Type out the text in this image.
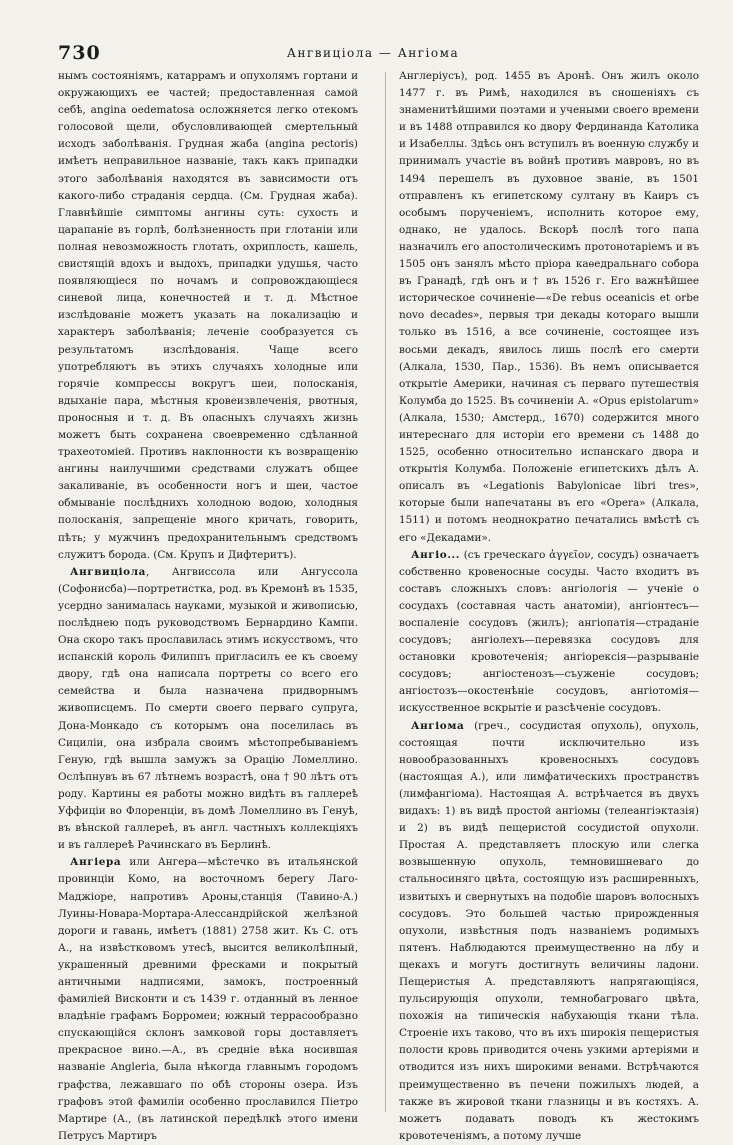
730	Ангвиціола — Ангіома

нымъ состояніямъ, катаррамъ и опухолямъ гортани и окружающихъ ее частей; предоставленная самой себѣ, angina oedematosa осложняется легко отекомъ голосовой щели, обусловливающей смертельный исходъ заболѣванія. Грудная жаба (angina pectoris) имѣетъ неправильное названіе, такъ какъ припадки этого заболѣванія находятся въ зависимости отъ какого-либо страданія сердца. (См. Грудная жаба). Главнѣйшіе симптомы ангины суть: сухость и царапаніе въ горлѣ, болѣзненность при глотаніи или полная невозможность глотать, охриплость, кашель, свистящій вдохъ и выдохъ, припадки удушья, часто появляющіеся по ночамъ и сопровождающіеся синевой лица, конечностей и т. д. Мѣстное изслѣдованіе можетъ указать на локализацію и характеръ заболѣванія; леченіе сообразуется съ результатомъ изслѣдованія. Чаще всего употребляютъ въ этихъ случаяхъ холодные или горячіе компрессы вокругъ шеи, полосканія, вдыханіе пара, мѣстныя кровеизвлеченія, рвотныя, проносныя и т. д. Въ опасныхъ случаяхъ жизнь можетъ быть сохранена своевременно сдѣланной трахеотоміей. Противъ наклонности къ возвращенію ангины наилучшими средствами служатъ общее закаливаніе, въ особенности ногъ и шеи, частое обмываніе послѣднихъ холодною водою, холодныя полосканія, запрещеніе много кричать, говорить, пѣть; у мужчинъ предохранительнымъ средствомъ служитъ борода. (См. Крупъ и Дифтеритъ).

Ангвиціола, Ангвиссола или Ангуссола (Софонисба)—портретистка, род. въ Кремонѣ въ 1535, усердно занималась науками, музыкой и живописью, послѣднею подъ руководствомъ Бернардино Кампи. Она скоро такъ прославилась этимъ искусствомъ, что испанскій король Филиппъ пригласилъ ее къ своему двору, гдѣ она написала портреты со всего его семейства и была назначена придворнымъ живописцемъ. По смерти своего перваго супруга, Дона-Монкадо съ которымъ она поселилась въ Сициліи, она избрала своимъ мѣстопребываніемъ Геную, гдѣ вышла замужъ за Орацію Ломеллино. Ослѣпнувъ въ 67 лѣтнемъ возрастѣ, она † 90 лѣтъ отъ роду. Картины ея работы можно видѣть въ галлереѣ Уффиціи во Флоренціи, въ домѣ Ломеллино въ Генуѣ, въ вѣнской галлереѣ, въ англ. частныхъ коллекціяхъ и въ галлереѣ Рачинскаго въ Берлинѣ.

Ангіера или Ангера—мѣстечко въ итальянской провинціи Комо, на восточномъ берегу Лаго-Маджіоре, напротивъ Ароны,станція (Тавино-А.) Луины-Новара-Мортара-Алессандрійской желѣзной дороги и гавань, имѣетъ (1881) 2758 жит. Къ С. отъ А., на извѣстковомъ утесѣ, высится великолѣпный, украшенный древними фресками и покрытый античными надписями, замокъ, построенный фамиліей Висконти и съ 1439 г. отданный въ ленное владѣніе графамъ Борромеи; южный террасообразно спускающійся склонъ замковой горы доставляетъ прекрасное вино.—А., въ средніе вѣка носившая названіе Angleria, была нѣкогда главнымъ городомъ графства, лежавшаго по обѣ стороны озера. Изъ графовъ этой фамиліи особенно прославился Піетро Мартире (А., (въ латинской передѣлкѣ этого имени Петрусъ Мартиръ

Англеріусъ), род. 1455 въ Аронѣ. Онъ жилъ около 1477 г. въ Римѣ, находился въ сношеніяхъ съ знаменитѣйшими поэтами и учеными своего времени и въ 1488 отправился ко двору Фердинанда Католика и Изабеллы. Здѣсь онъ вступилъ въ военную службу и принималъ участіе въ войнѣ противъ мавровъ, но въ 1494 перешелъ въ духовное званіе, въ 1501 отправленъ къ египетскому султану въ Каиръ съ особымъ порученіемъ, исполнить которое ему, однако, не удалось. Вскорѣ послѣ того папа назначилъ его апостолическимъ протонотаріемъ и въ 1505 онъ занялъ мѣсто пріора каѳедральнаго собора въ Гранадѣ, гдѣ онъ и † въ 1526 г. Его важнѣйшее историческое сочиненіе—«De rebus oceanicis et orbe novo decades», первыя три декады котораго вышли только въ 1516, а все сочиненіе, состоящее изъ восьми декадъ, явилось лишь послѣ его смерти (Алкала, 1530, Пар., 1536). Въ немъ описывается открытіе Америки, начиная съ перваго путешествія Колумба до 1525. Въ сочиненіи А. «Opus epistolarum» (Алкала, 1530; Амстерд., 1670) содержится много интереснаго для исторіи его времени съ 1488 до 1525, особенно относительно испанскаго двора и открытія Колумба. Положеніе египетскихъ дѣлъ А. описалъ въ «Legationis Babylonicae libri tres», которые были напечатаны въ его «Opera» (Алкала, 1511) и потомъ неоднократно печатались вмѣстѣ съ его «Декадами».

Ангіо... (съ греческаго ἀγγεῖον, сосудъ) означаетъ собственно кровеносные сосуды. Часто входитъ въ составъ сложныхъ словъ: ангіологія — ученіе о сосудахъ (составная часть анатоміи), ангіонтесъ—воспаленіе сосудовъ (жилъ); ангіопатія—страданіе сосудовъ; ангіолеxъ—перевязка сосудовъ для остановки кровотеченія; ангіорексія—разрываніе сосудовъ; ангіостенозъ—съуженіе сосудовъ; ангіостозъ—окостенѣніе сосудовъ, ангіотомія—искусственное вскрытіе и разсѣченіе сосудовъ.

Ангіома (греч., сосудистая опухоль), опухоль, состоящая почти исключительно изъ новообразованныхъ кровеносныхъ сосудовъ (настоящая А.), или лимфатическихъ пространствъ (лимфангіома). Настоящая А. встрѣчается въ двухъ видахъ: 1) въ видѣ простой ангіомы (телеангіэктазія) и 2) въ видѣ пещеристой сосудистой опухоли. Простая А. представляетъ плоскую или слегка возвышенную опухоль, темновишневаго до стальносиняго цвѣта, состоящую изъ расширенныхъ, извитыхъ и свернутыхъ на подобіе шаровъ волосныхъ сосудовъ. Это большей частью прирожденныя опухоли, извѣстныя подъ названіемъ родимыхъ пятенъ. Наблюдаются преимущественно на лбу и щекахъ и могутъ достигнуть величины ладони. Пещеристыя А. представляютъ напрягающіяся, пульсирующія опухоли, темнобагроваго цвѣта, похожія на типическія набухающія ткани тѣла. Строеніе ихъ таково, что въ ихъ широкія пещеристыя полости кровь приводится очень узкими артеріями и отводится изъ нихъ широкими венами. Встрѣчаются преимущественно въ печени пожилыхъ людей, а также въ жировой ткани глазницы и въ костяхъ. А. можетъ подавать поводъ къ жестокимъ кровотеченіямъ, а потому лучше
